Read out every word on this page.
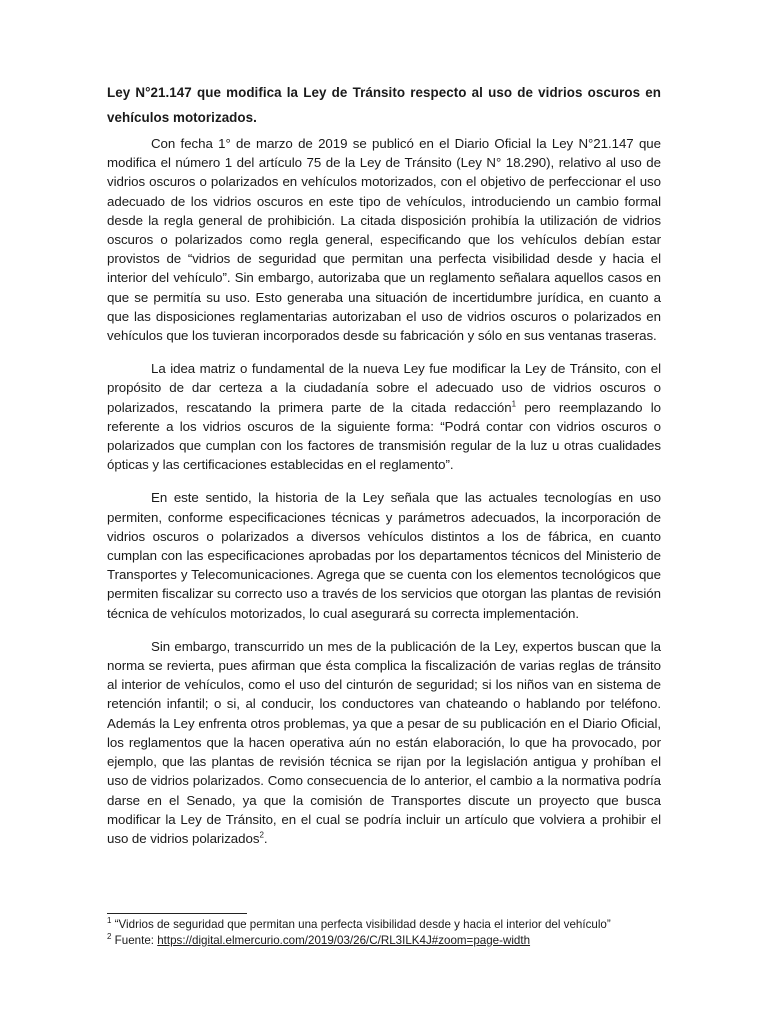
Ley N°21.147 que modifica la Ley de Tránsito respecto al uso de vidrios oscuros en vehículos motorizados.

Con fecha 1° de marzo de 2019 se publicó en el Diario Oficial la Ley N°21.147 que modifica el número 1 del artículo 75 de la Ley de Tránsito (Ley N° 18.290), relativo al uso de vidrios oscuros o polarizados en vehículos motorizados, con el objetivo de perfeccionar el uso adecuado de los vidrios oscuros en este tipo de vehículos, introduciendo un cambio formal desde la regla general de prohibición. La citada disposición prohibía la utilización de vidrios oscuros o polarizados como regla general, especificando que los vehículos debían estar provistos de “vidrios de seguridad que permitan una perfecta visibilidad desde y hacia el interior del vehículo”. Sin embargo, autorizaba que un reglamento señalara aquellos casos en que se permitía su uso. Esto generaba una situación de incertidumbre jurídica, en cuanto a que las disposiciones reglamentarias autorizaban el uso de vidrios oscuros o polarizados en vehículos que los tuvieran incorporados desde su fabricación y sólo en sus ventanas traseras.

La idea matriz o fundamental de la nueva Ley fue modificar la Ley de Tránsito, con el propósito de dar certeza a la ciudadanía sobre el adecuado uso de vidrios oscuros o polarizados, rescatando la primera parte de la citada redacción$^1$ pero reemplazando lo referente a los vidrios oscuros de la siguiente forma: “Podrá contar con vidrios oscuros o polarizados que cumplan con los factores de transmisión regular de la luz u otras cualidades ópticas y las certificaciones establecidas en el reglamento”.

En este sentido, la historia de la Ley señala que las actuales tecnologías en uso permiten, conforme especificaciones técnicas y parámetros adecuados, la incorporación de vidrios oscuros o polarizados a diversos vehículos distintos a los de fábrica, en cuanto cumplan con las especificaciones aprobadas por los departamentos técnicos del Ministerio de Transportes y Telecomunicaciones. Agrega que se cuenta con los elementos tecnológicos que permiten fiscalizar su correcto uso a través de los servicios que otorgan las plantas de revisión técnica de vehículos motorizados, lo cual asegurará su correcta implementación.

Sin embargo, transcurrido un mes de la publicación de la Ley, expertos buscan que la norma se revierta, pues afirman que ésta complica la fiscalización de varias reglas de tránsito al interior de vehículos, como el uso del cinturón de seguridad; si los niños van en sistema de retención infantil; o si, al conducir, los conductores van chateando o hablando por teléfono. Además la Ley enfrenta otros problemas, ya que a pesar de su publicación en el Diario Oficial, los reglamentos que la hacen operativa aún no están elaboración, lo que ha provocado, por ejemplo, que las plantas de revisión técnica se rijan por la legislación antigua y prohíban el uso de vidrios polarizados. Como consecuencia de lo anterior, el cambio a la normativa podría darse en el Senado, ya que la comisión de Transportes discute un proyecto que busca modificar la Ley de Tránsito, en el cual se podría incluir un artículo que volviera a prohibir el uso de vidrios polarizados$^2$.

$^1$ “Vidrios de seguridad que permitan una perfecta visibilidad desde y hacia el interior del vehículo”

$^2$ Fuente: https://digital.elmercurio.com/2019/03/26/C/RL3ILK4J#zoom=page-width
